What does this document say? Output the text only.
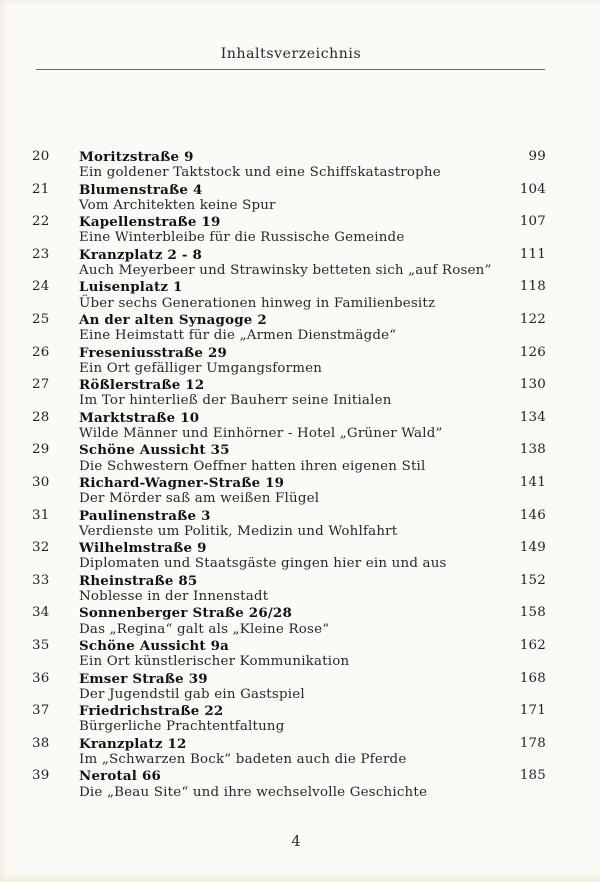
Inhaltsverzeichnis
20	Moritzstraße 9	99
Ein goldener Taktstock und eine Schiffskatastrophe
21	Blumenstraße 4	104
Vom Architekten keine Spur
22	Kapellenstraße 19	107
Eine Winterbleibe für die Russische Gemeinde
23	Kranzplatz 2 - 8	111
Auch Meyerbeer und Strawinsky betteten sich „auf Rosen”
24	Luisenplatz 1	118
Über sechs Generationen hinweg in Familienbesitz
25	An der alten Synagoge 2	122
Eine Heimstatt für die „Armen Dienstmägde“
26	Freseniusstraße 29	126
Ein Ort gefälliger Umgangsformen
27	Rößlerstraße 12	130
Im Tor hinterließ der Bauherr seine Initialen
28	Marktstraße 10	134
Wilde Männer und Einhörner - Hotel „Grüner Wald”
29	Schöne Aussicht 35	138
Die Schwestern Oeffner hatten ihren eigenen Stil
30	Richard-Wagner-Straße 19	141
Der Mörder saß am weißen Flügel
31	Paulinenstraße 3	146
Verdienste um Politik, Medizin und Wohlfahrt
32	Wilhelmstraße 9	149
Diplomaten und Staatsgäste gingen hier ein und aus
33	Rheinstraße 85	152
Noblesse in der Innenstadt
34	Sonnenberger Straße 26/28	158
Das „Regina“ galt als „Kleine Rose“
35	Schöne Aussicht 9a	162
Ein Ort künstlerischer Kommunikation
36	Emser Straße 39	168
Der Jugendstil gab ein Gastspiel
37	Friedrichstraße 22	171
Bürgerliche Prachtentfaltung
38	Kranzplatz 12	178
Im „Schwarzen Bock” badeten auch die Pferde
39	Nerotal 66	185
Die „Beau Site“ und ihre wechselvolle Geschichte
4
